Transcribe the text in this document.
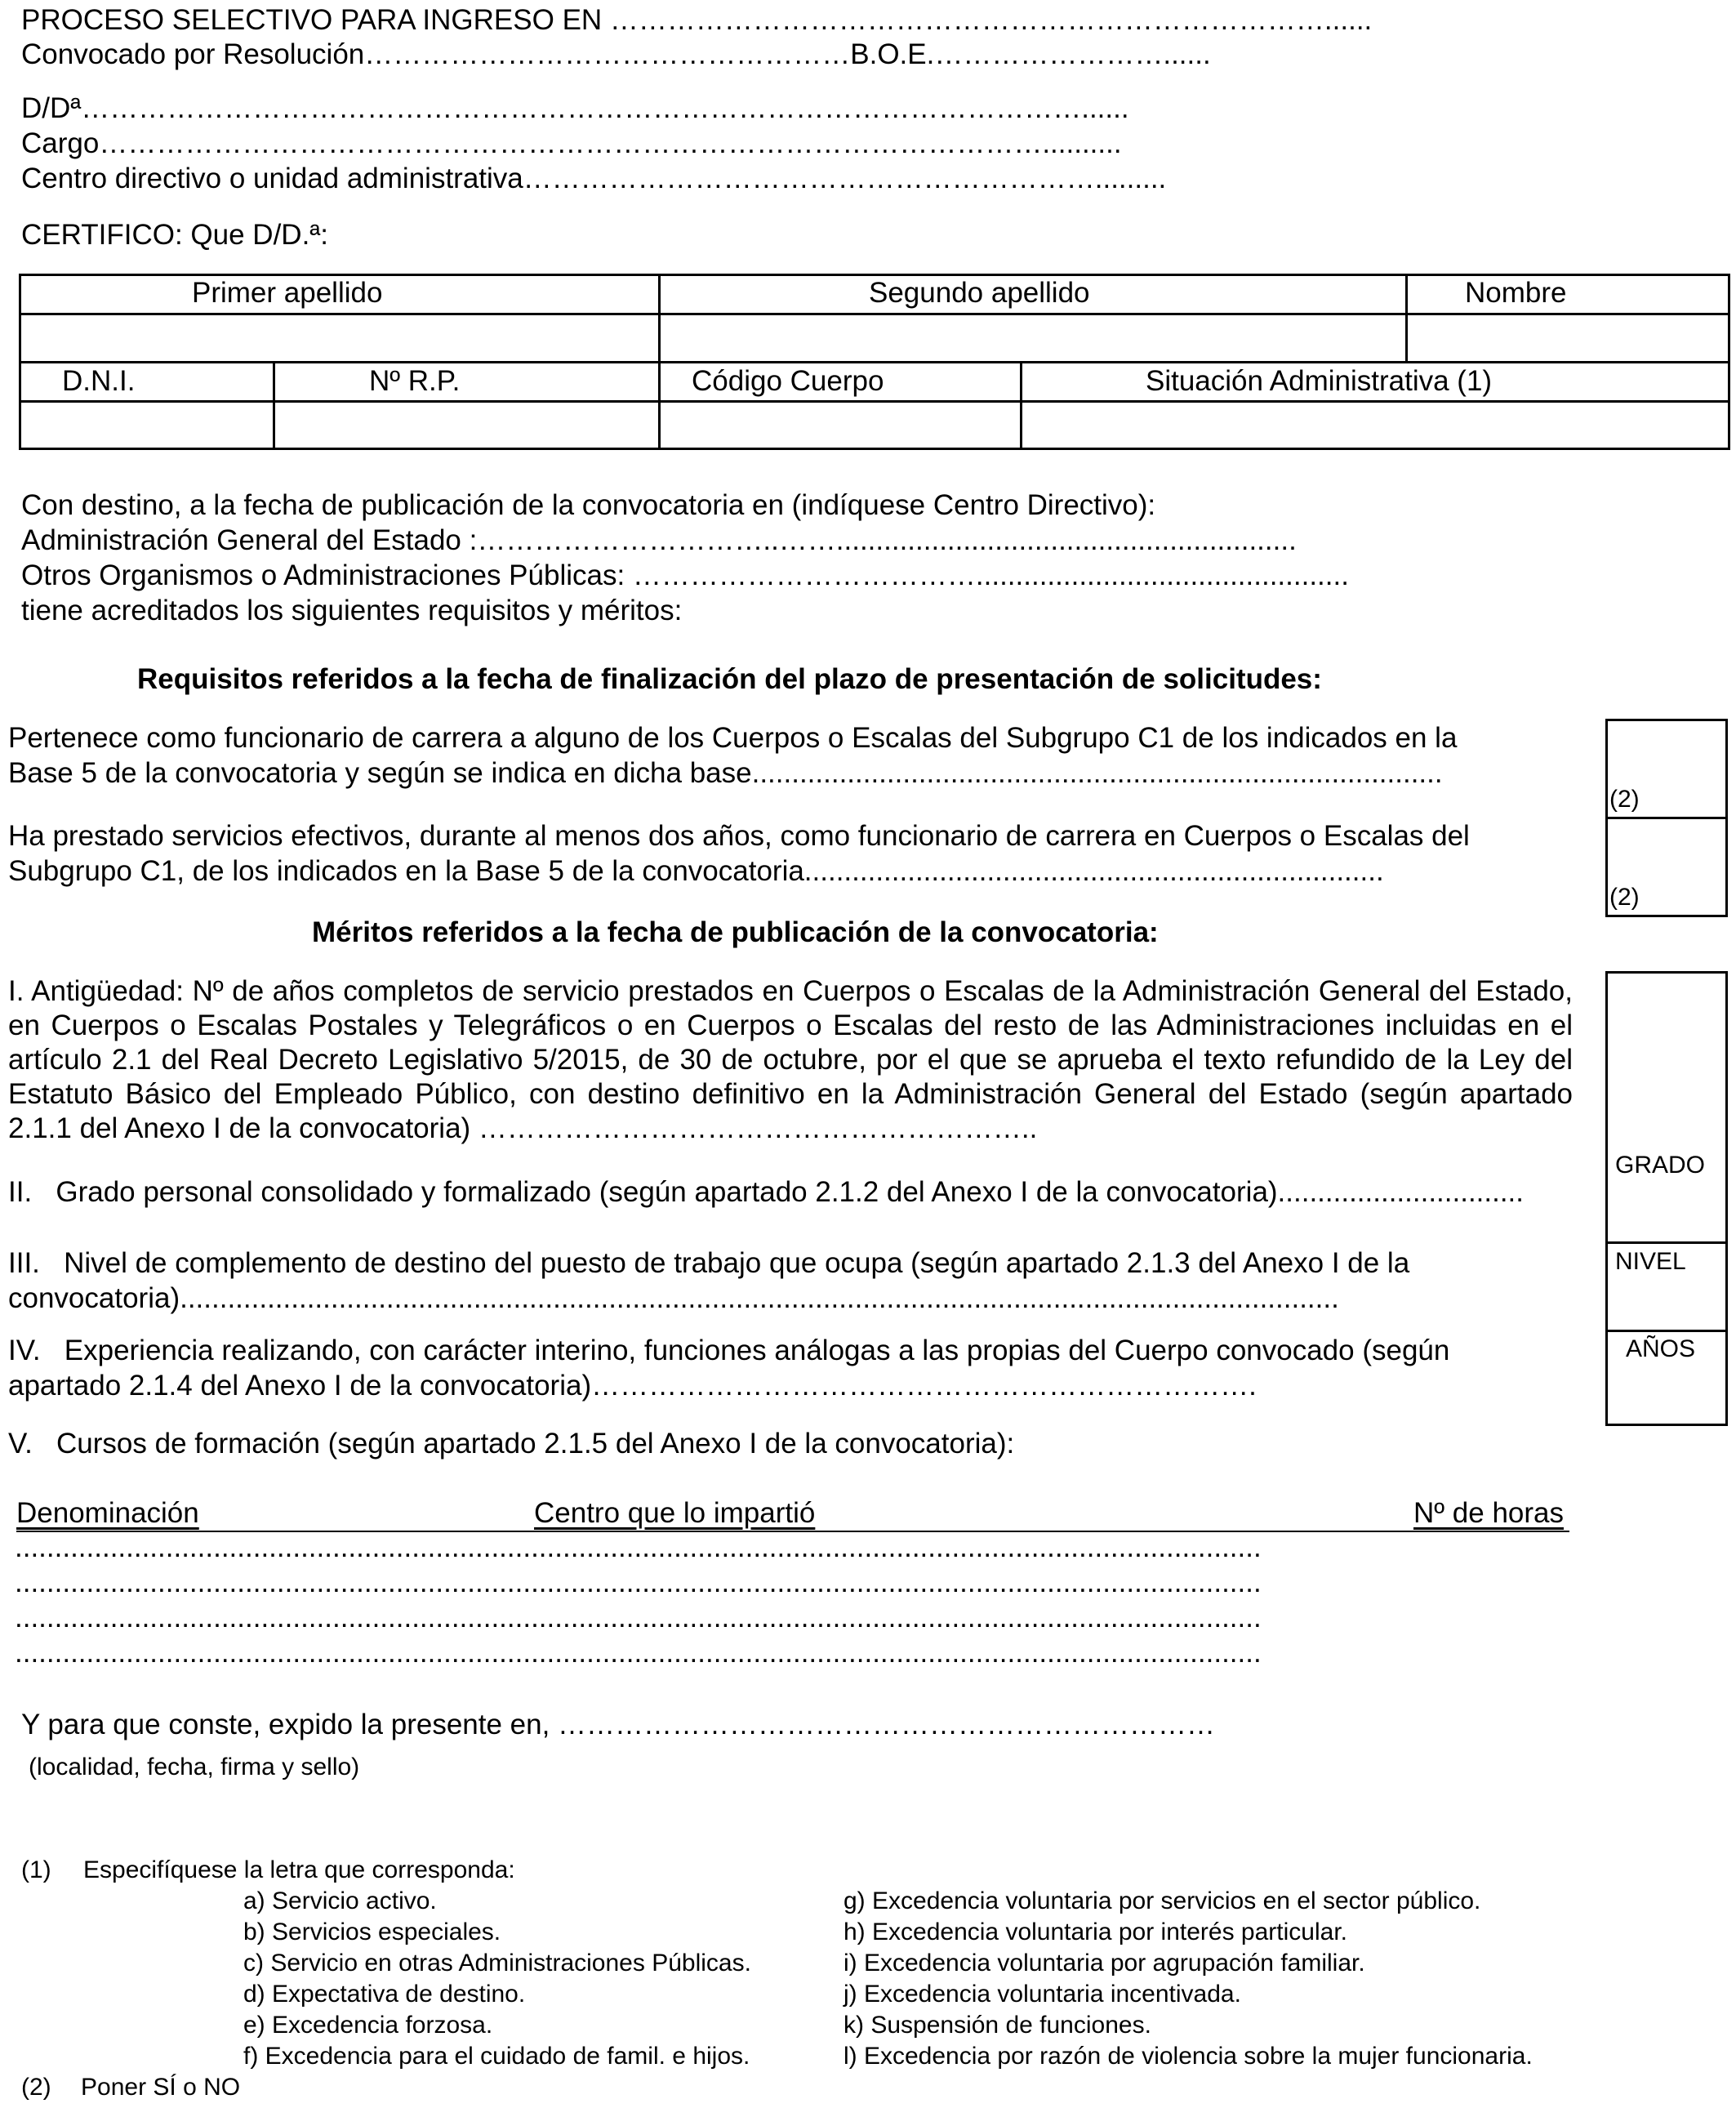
PROCESO SELECTIVO PARA INGRESO EN …………………………………………………………………......
Convocado por Resolución……………………………………………B.O.E.……………………......
D/Dª……………………………………………………………………………………………......
Cargo………………………………………………………………………………………..........
Centro directivo o unidad administrativa…………………………………………………….........
CERTIFICO: Que D/D.ª:
Primer apellido	Segundo apellido	Nombre
D.N.I.	Nº R.P.	Código Cuerpo	Situación Administrativa (1)
Con destino, a la fecha de publicación de la convocatoria en (indíquese Centro Directivo):
Administración General del Estado :…………………………..……..........................................................
Otros Organismos o Administraciones Públicas: ………………………………...............................................
tiene acreditados los siguientes requisitos y méritos:
Requisitos referidos a la fecha de finalización del plazo de presentación de solicitudes:
Pertenece como funcionario de carrera a alguno de los Cuerpos o Escalas del Subgrupo C1 de los indicados en la
Base 5 de la convocatoria y según se indica en dicha base.......................................................................................
Ha prestado servicios efectivos, durante al menos dos años, como funcionario de carrera en Cuerpos o Escalas del
Subgrupo C1, de los indicados en la Base 5 de la convocatoria.........................................................................
(2)
(2)
Méritos referidos a la fecha de publicación de la convocatoria:
I. Antigüedad: Nº de años completos de servicio prestados en Cuerpos o Escalas de la Administración General del Estado, en Cuerpos o Escalas Postales y Telegráficos o en Cuerpos o Escalas del resto de las Administraciones incluidas en el artículo 2.1 del Real Decreto Legislativo 5/2015, de 30 de octubre, por el que se aprueba el texto refundido de la Ley del Estatuto Básico del Empleado Público, con destino definitivo en la Administración General del Estado (según apartado 2.1.1 del Anexo I de la convocatoria) …………………………………………………..
II.   Grado personal consolidado y formalizado (según apartado 2.1.2 del Anexo I de la convocatoria)...............................
III.   Nivel de complemento de destino del puesto de trabajo que ocupa (según apartado 2.1.3 del Anexo I de la
convocatoria)..................................................................................................................................................
IV.   Experiencia realizando, con carácter interino, funciones análogas a las propias del Cuerpo convocado (según
apartado 2.1.4 del Anexo I de la convocatoria)…………………………………………………………….
V.   Cursos de formación (según apartado 2.1.5 del Anexo I de la convocatoria):
GRADO
NIVEL
AÑOS
Denominación	Centro que lo impartió	Nº de horas
.............................................................................................................................................................
.............................................................................................................................................................
.............................................................................................................................................................
.............................................................................................................................................................
Y para que conste, expido la presente en, ……………………………………………………………
(localidad, fecha, firma y sello)
(1) Especifíquese la letra que corresponda:
a) Servicio activo.
b) Servicios especiales.
c) Servicio en otras Administraciones Públicas.
d) Expectativa de destino.
e) Excedencia forzosa.
f) Excedencia para el cuidado de famil. e hijos.
g) Excedencia voluntaria por servicios en el sector público.
h) Excedencia voluntaria por interés particular.
i) Excedencia voluntaria por agrupación familiar.
j) Excedencia voluntaria incentivada.
k) Suspensión de funciones.
l) Excedencia por razón de violencia sobre la mujer funcionaria.
(2) Poner SÍ o NO
